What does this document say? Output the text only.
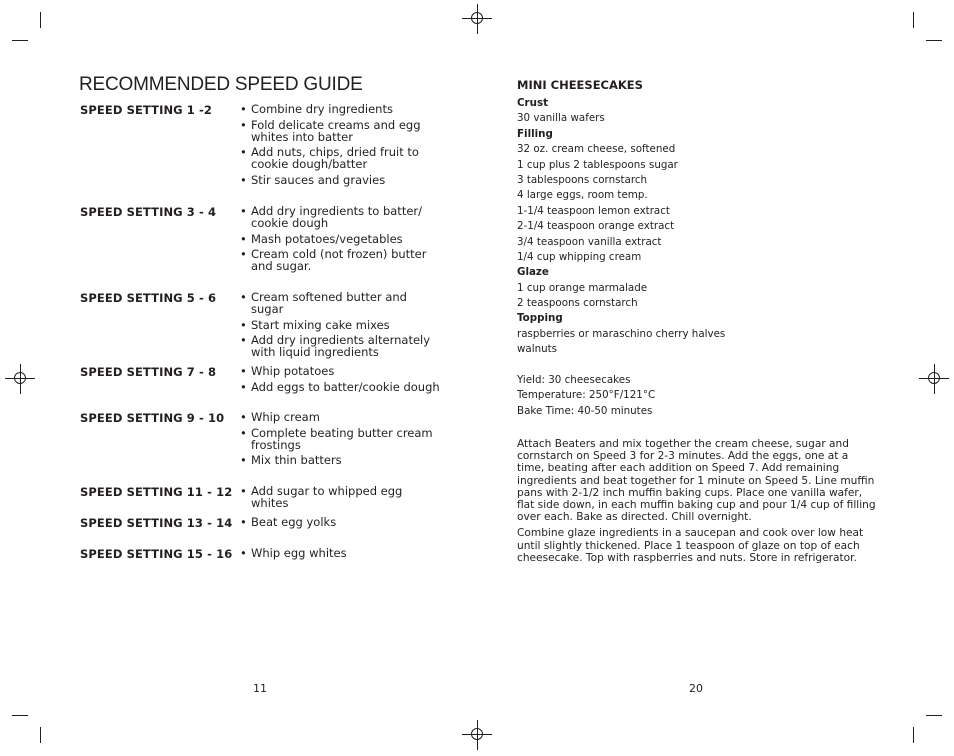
RECOMMENDED SPEED GUIDE
SPEED SETTING 1 -2 • Combine dry ingredients
• Fold delicate creams and egg whites into batter
• Add nuts, chips, dried fruit to cookie dough/batter
• Stir sauces and gravies
SPEED SETTING 3 - 4 • Add dry ingredients to batter/ cookie dough
• Mash potatoes/vegetables
• Cream cold (not frozen) butter and sugar.
SPEED SETTING 5 - 6 • Cream softened butter and sugar
• Start mixing cake mixes
• Add dry ingredients alternately with liquid ingredients
SPEED SETTING 7 - 8 • Whip potatoes
• Add eggs to batter/cookie dough
SPEED SETTING 9 - 10 • Whip cream
• Complete beating butter cream frostings
• Mix thin batters
SPEED SETTING 11 - 12 • Add sugar to whipped egg whites
SPEED SETTING 13 - 14 • Beat egg yolks
SPEED SETTING 15 - 16 • Whip egg whites
11
MINI CHEESECAKES
Crust
30 vanilla wafers
Filling
32 oz. cream cheese, softened
1 cup plus 2 tablespoons sugar
3 tablespoons cornstarch
4 large eggs, room temp.
1-1/4 teaspoon lemon extract
2-1/4 teaspoon orange extract
3/4 teaspoon vanilla extract
1/4 cup whipping cream
Glaze
1 cup orange marmalade
2 teaspoons cornstarch
Topping
raspberries or maraschino cherry halves
walnuts
Yield: 30 cheesecakes
Temperature: 250°F/121°C
Bake Time: 40-50 minutes

Attach Beaters and mix together the cream cheese, sugar and cornstarch on Speed 3 for 2-3 minutes. Add the eggs, one at a time, beating after each addition on Speed 7. Add remaining ingredients and beat together for 1 minute on Speed 5. Line muffin pans with 2-1/2 inch muffin baking cups. Place one vanilla wafer, flat side down, in each muffin baking cup and pour 1/4 cup of filling over each. Bake as directed. Chill overnight.

Combine glaze ingredients in a saucepan and cook over low heat until slightly thickened. Place 1 teaspoon of glaze on top of each cheesecake. Top with raspberries and nuts. Store in refrigerator.

20
